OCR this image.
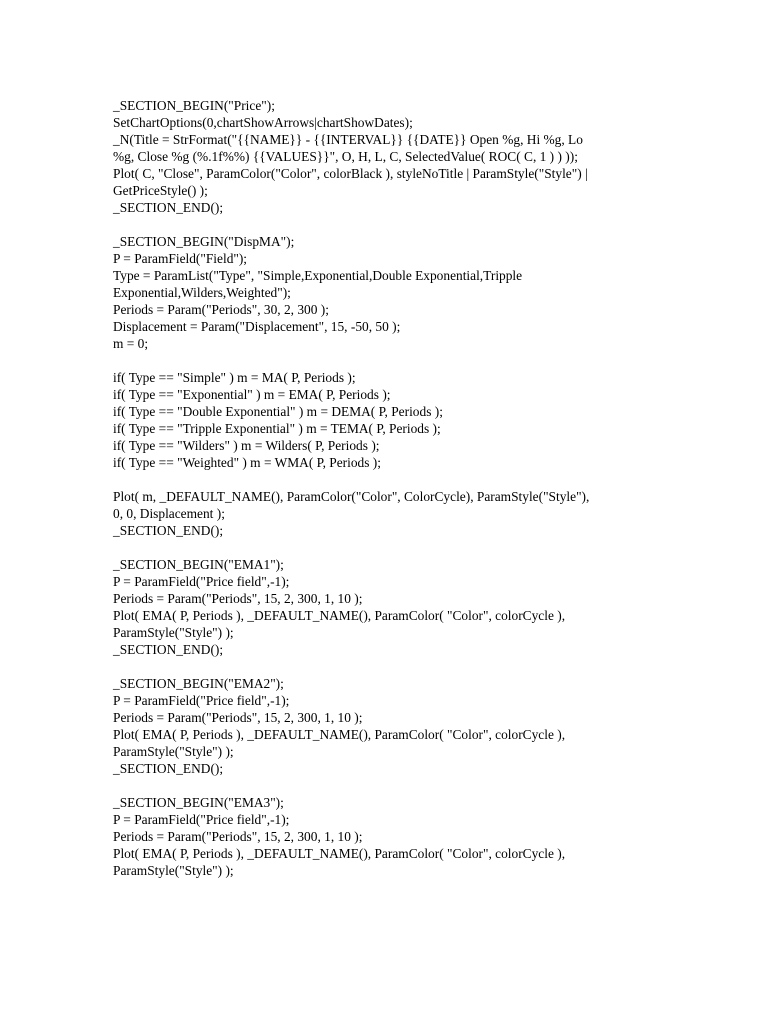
_SECTION_BEGIN("Price");
SetChartOptions(0,chartShowArrows|chartShowDates);
_N(Title = StrFormat("{{NAME}} - {{INTERVAL}} {{DATE}} Open %g, Hi %g, Lo
%g, Close %g (%.1f%%) {{VALUES}}", O, H, L, C, SelectedValue( ROC( C, 1 ) ) ));
Plot( C, "Close", ParamColor("Color", colorBlack ), styleNoTitle | ParamStyle("Style") |
GetPriceStyle() );
_SECTION_END();
_SECTION_BEGIN("DispMA");
P = ParamField("Field");
Type = ParamList("Type", "Simple,Exponential,Double Exponential,Tripple
Exponential,Wilders,Weighted");
Periods = Param("Periods", 30, 2, 300 );
Displacement = Param("Displacement", 15, -50, 50 );
m = 0;
if( Type == "Simple" ) m = MA( P, Periods );
if( Type == "Exponential" ) m = EMA( P, Periods );
if( Type == "Double Exponential" ) m = DEMA( P, Periods );
if( Type == "Tripple Exponential" ) m = TEMA( P, Periods );
if( Type == "Wilders" ) m = Wilders( P, Periods );
if( Type == "Weighted" ) m = WMA( P, Periods );
Plot( m, _DEFAULT_NAME(), ParamColor("Color", ColorCycle), ParamStyle("Style"),
0, 0, Displacement );
_SECTION_END();
_SECTION_BEGIN("EMA1");
P = ParamField("Price field",-1);
Periods = Param("Periods", 15, 2, 300, 1, 10 );
Plot( EMA( P, Periods ), _DEFAULT_NAME(), ParamColor( "Color", colorCycle ),
ParamStyle("Style") );
_SECTION_END();
_SECTION_BEGIN("EMA2");
P = ParamField("Price field",-1);
Periods = Param("Periods", 15, 2, 300, 1, 10 );
Plot( EMA( P, Periods ), _DEFAULT_NAME(), ParamColor( "Color", colorCycle ),
ParamStyle("Style") );
_SECTION_END();
_SECTION_BEGIN("EMA3");
P = ParamField("Price field",-1);
Periods = Param("Periods", 15, 2, 300, 1, 10 );
Plot( EMA( P, Periods ), _DEFAULT_NAME(), ParamColor( "Color", colorCycle ),
ParamStyle("Style") );
